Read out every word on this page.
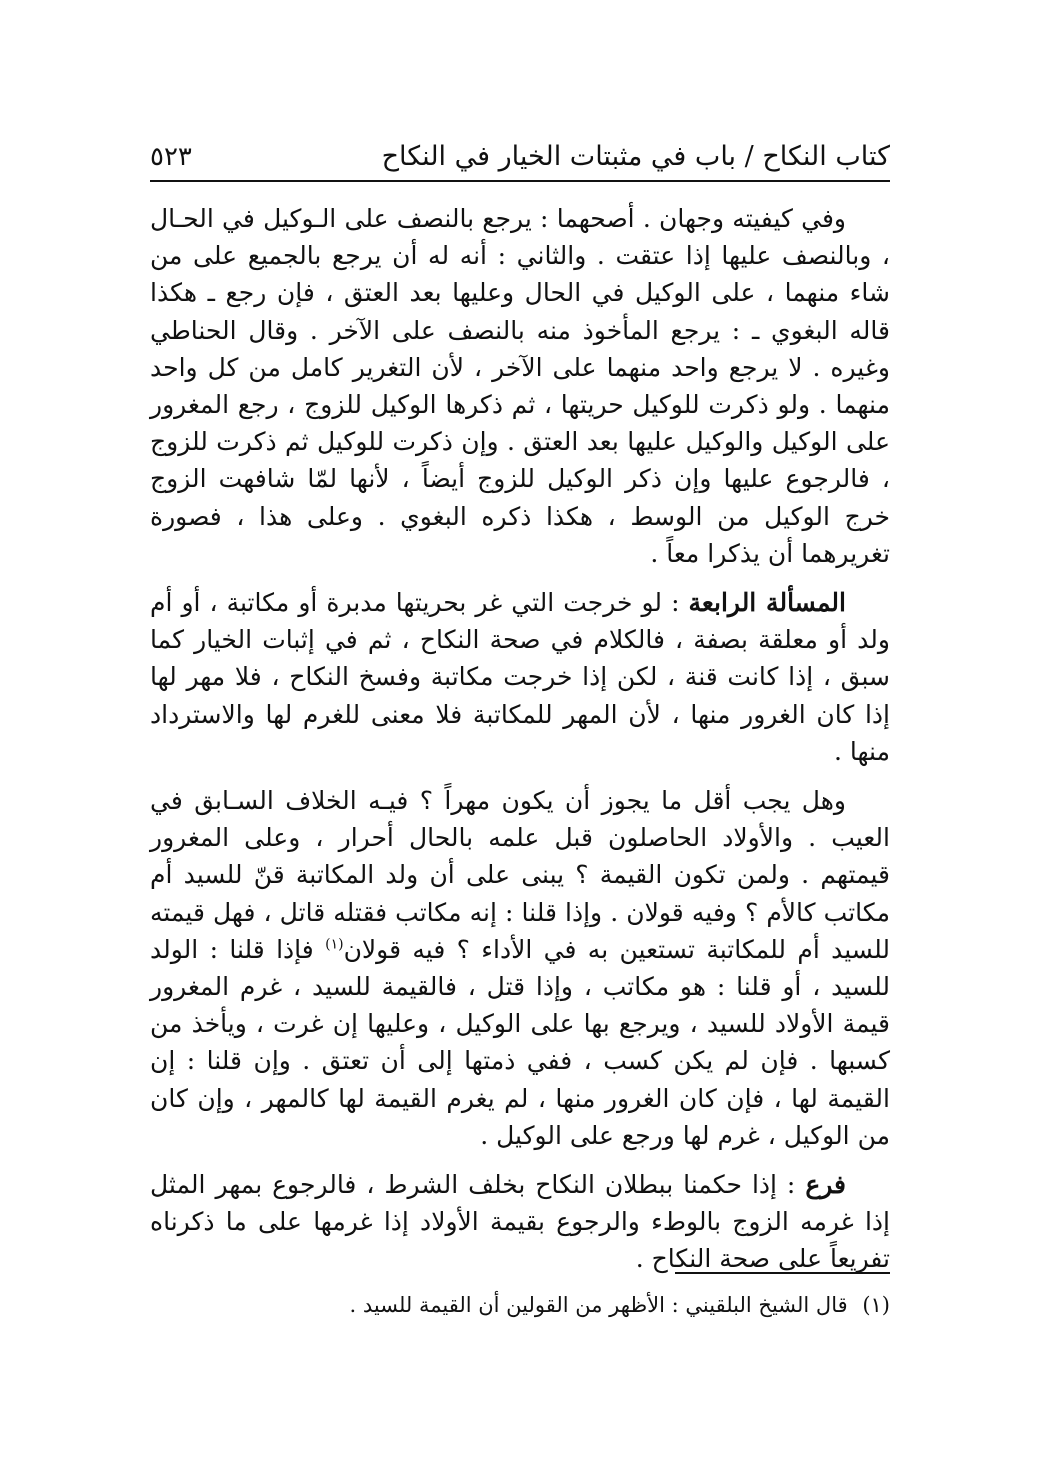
كتاب النكاح / باب في مثبتات الخيار في النكاح
٥٢٣

وفي كيفيته وجهان . أصحهما : يرجع بالنصف على الـوكيل في الحـال ، وبالنصف عليها إذا عتقت . والثاني : أنه له أن يرجع بالجميع على من شاء منهما ، على الوكيل في الحال وعليها بعد العتق ، فإن رجع ـ هكذا قاله البغوي ـ : يرجع المأخوذ منه بالنصف على الآخر . وقال الحناطي وغيره . لا يرجع واحد منهما على الآخر ، لأن التغرير كامل من كل واحد منهما . ولو ذكرت للوكيل حريتها ، ثم ذكرها الوكيل للزوج ، رجع المغرور على الوكيل والوكيل عليها بعد العتق . وإن ذكرت للوكيل ثم ذكرت للزوج ، فالرجوع عليها وإن ذكر الوكيل للزوج أيضاً ، لأنها لمّا شافهت الزوج خرج الوكيل من الوسط ، هكذا ذكره البغوي . وعلى هذا ، فصورة تغريرهما أن يذكرا معاً .

المسألة الرابعة : لو خرجت التي غر بحريتها مدبرة أو مكاتبة ، أو أم ولد أو معلقة بصفة ، فالكلام في صحة النكاح ، ثم في إثبات الخيار كما سبق ، إذا كانت قنة ، لكن إذا خرجت مكاتبة وفسخ النكاح ، فلا مهر لها إذا كان الغرور منها ، لأن المهر للمكاتبة فلا معنى للغرم لها والاسترداد منها .

وهل يجب أقل ما يجوز أن يكون مهراً ؟ فيـه الخلاف السـابق في العيب . والأولاد الحاصلون قبل علمه بالحال أحرار ، وعلى المغرور قيمتهم . ولمن تكون القيمة ؟ يبنى على أن ولد المكاتبة قنّ للسيد أم مكاتب كالأم ؟ وفيه قولان . وإذا قلنا : إنه مكاتب فقتله قاتل ، فهل قيمته للسيد أم للمكاتبة تستعين به في الأداء ؟ فيه قولان$^{(١)}$ فإذا قلنا : الولد للسيد ، أو قلنا : هو مكاتب ، وإذا قتل ، فالقيمة للسيد ، غرم المغرور قيمة الأولاد للسيد ، ويرجع بها على الوكيل ، وعليها إن غرت ، ويأخذ من كسبها . فإن لم يكن كسب ، ففي ذمتها إلى أن تعتق . وإن قلنا : إن القيمة لها ، فإن كان الغرور منها ، لم يغرم القيمة لها كالمهر ، وإن كان من الوكيل ، غرم لها ورجع على الوكيل .

فرع : إذا حكمنا ببطلان النكاح بخلف الشرط ، فالرجوع بمهر المثل إذا غرمه الزوج بالوطء والرجوع بقيمة الأولاد إذا غرمها على ما ذكرناه تفريعاً على صحة النكاح .

(١) قال الشيخ البلقيني : الأظهر من القولين أن القيمة للسيد .
